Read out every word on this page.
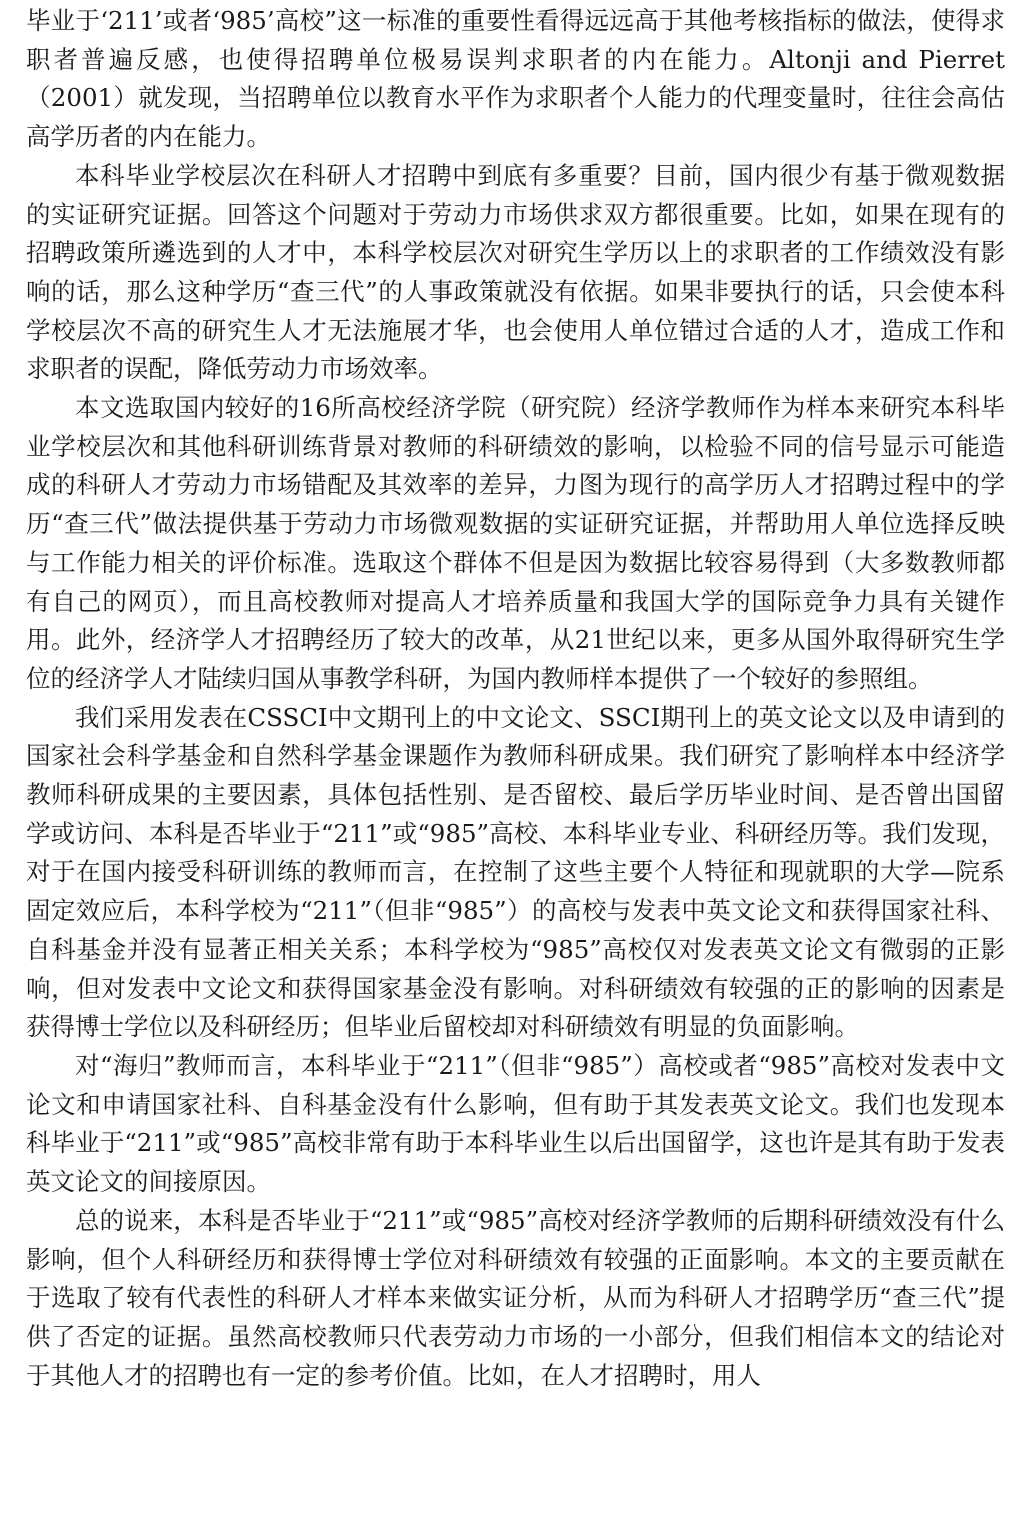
毕业于‘211’或者‘985’高校”这一标准的重要性看得远远高于其他考核指标的做法，使得求职者普遍反感，也使得招聘单位极易误判求职者的内在能力。Altonji and Pierret（2001）就发现，当招聘单位以教育水平作为求职者个人能力的代理变量时，往往会高估高学历者的内在能力。

本科毕业学校层次在科研人才招聘中到底有多重要？目前，国内很少有基于微观数据的实证研究证据。回答这个问题对于劳动力市场供求双方都很重要。比如，如果在现有的招聘政策所遴选到的人才中，本科学校层次对研究生学历以上的求职者的工作绩效没有影响的话，那么这种学历“查三代”的人事政策就没有依据。如果非要执行的话，只会使本科学校层次不高的研究生人才无法施展才华，也会使用人单位错过合适的人才，造成工作和求职者的误配，降低劳动力市场效率。

本文选取国内较好的16所高校经济学院（研究院）经济学教师作为样本来研究本科毕业学校层次和其他科研训练背景对教师的科研绩效的影响，以检验不同的信号显示可能造成的科研人才劳动力市场错配及其效率的差异，力图为现行的高学历人才招聘过程中的学历“查三代”做法提供基于劳动力市场微观数据的实证研究证据，并帮助用人单位选择反映与工作能力相关的评价标准。选取这个群体不但是因为数据比较容易得到（大多数教师都有自己的网页），而且高校教师对提高人才培养质量和我国大学的国际竞争力具有关键作用。此外，经济学人才招聘经历了较大的改革，从21世纪以来，更多从国外取得研究生学位的经济学人才陆续归国从事教学科研，为国内教师样本提供了一个较好的参照组。

我们采用发表在CSSCI中文期刊上的中文论文、SSCI期刊上的英文论文以及申请到的国家社会科学基金和自然科学基金课题作为教师科研成果。我们研究了影响样本中经济学教师科研成果的主要因素，具体包括性别、是否留校、最后学历毕业时间、是否曾出国留学或访问、本科是否毕业于“211”或“985”高校、本科毕业专业、科研经历等。我们发现，对于在国内接受科研训练的教师而言，在控制了这些主要个人特征和现就职的大学—院系固定效应后，本科学校为“211”（但非“985”）的高校与发表中英文论文和获得国家社科、自科基金并没有显著正相关关系；本科学校为“985”高校仅对发表英文论文有微弱的正影响，但对发表中文论文和获得国家基金没有影响。对科研绩效有较强的正的影响的因素是获得博士学位以及科研经历；但毕业后留校却对科研绩效有明显的负面影响。

对“海归”教师而言，本科毕业于“211”（但非“985”）高校或者“985”高校对发表中文论文和申请国家社科、自科基金没有什么影响，但有助于其发表英文论文。我们也发现本科毕业于“211”或“985”高校非常有助于本科毕业生以后出国留学，这也许是其有助于发表英文论文的间接原因。

总的说来，本科是否毕业于“211”或“985”高校对经济学教师的后期科研绩效没有什么影响，但个人科研经历和获得博士学位对科研绩效有较强的正面影响。本文的主要贡献在于选取了较有代表性的科研人才样本来做实证分析，从而为科研人才招聘学历“查三代”提供了否定的证据。虽然高校教师只代表劳动力市场的一小部分，但我们相信本文的结论对于其他人才的招聘也有一定的参考价值。比如，在人才招聘时，用人
